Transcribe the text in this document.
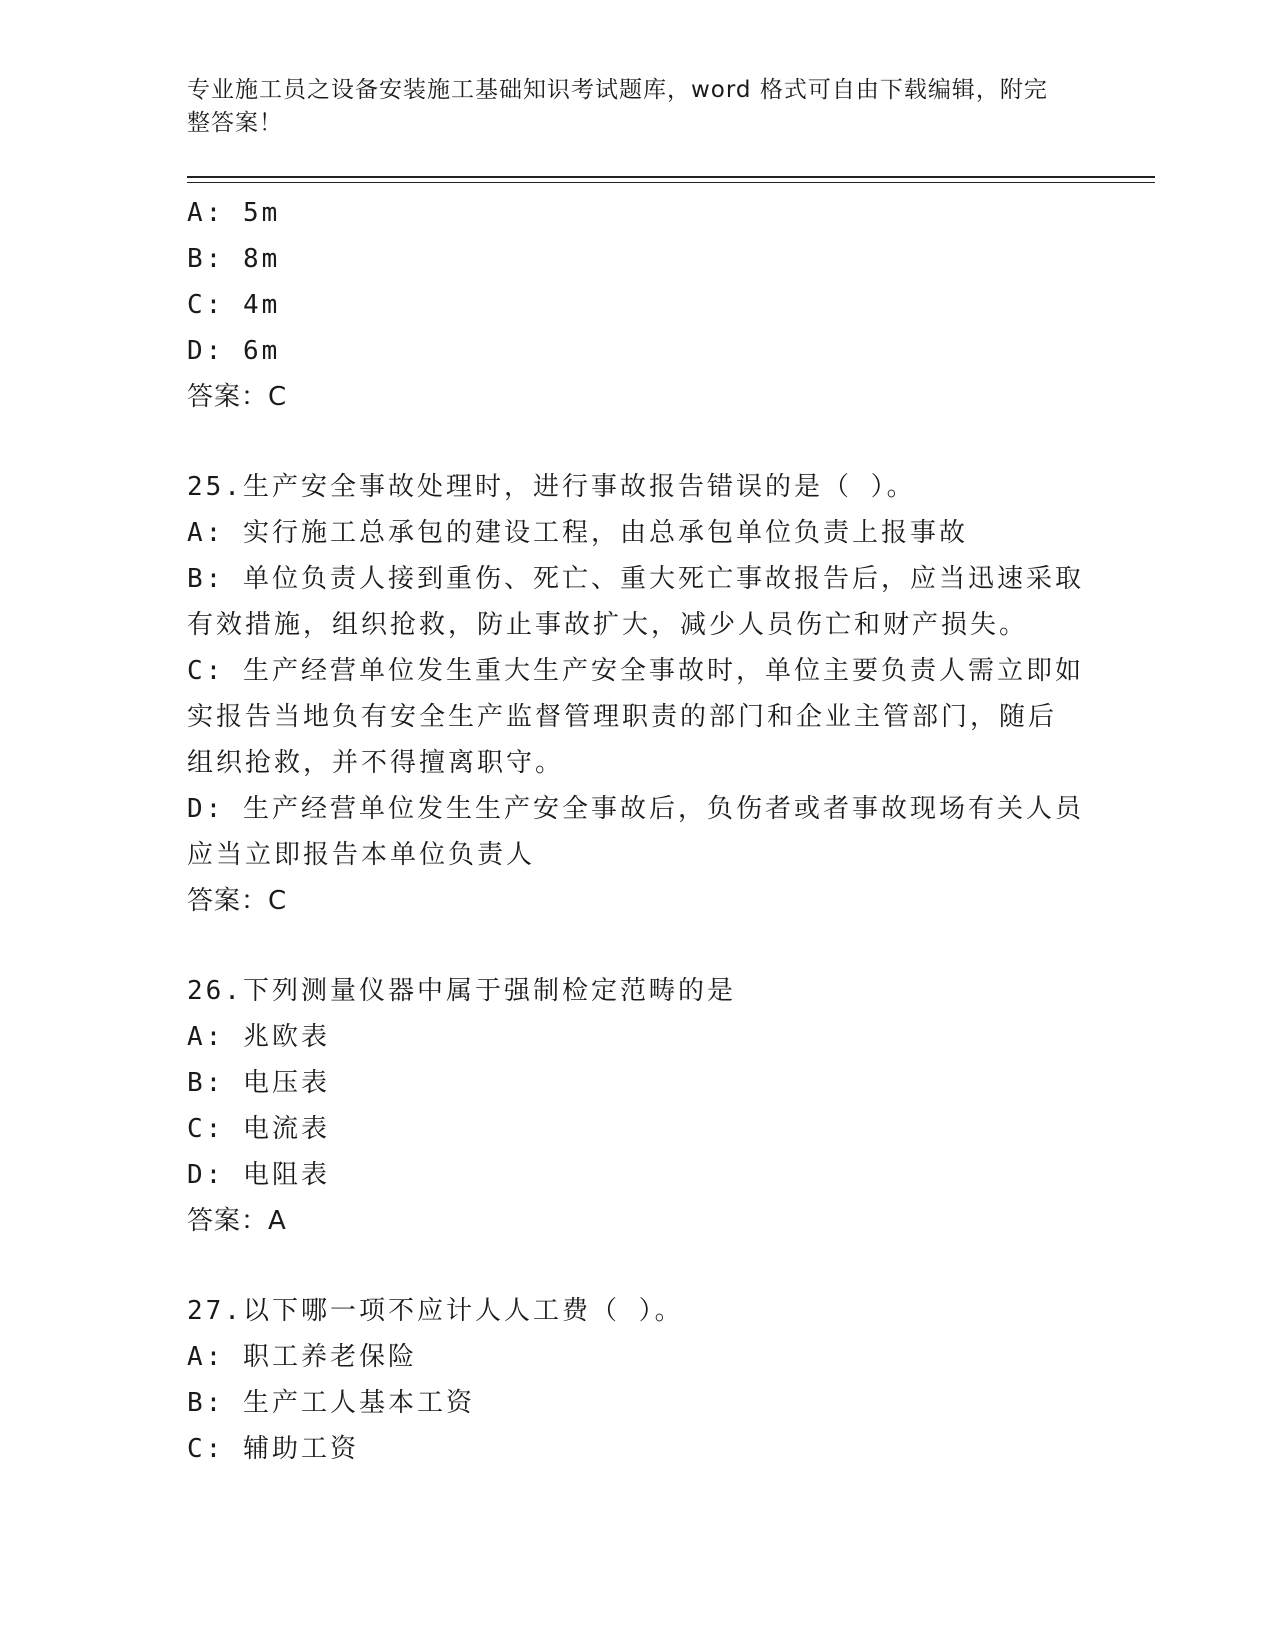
专业施工员之设备安装施工基础知识考试题库，word 格式可自由下载编辑，附完
整答案！
A: 5m
B: 8m
C: 4m
D: 6m
答案：C
25.生产安全事故处理时，进行事故报告错误的是（ ）。
A: 实行施工总承包的建设工程，由总承包单位负责上报事故
B: 单位负责人接到重伤、死亡、重大死亡事故报告后，应当迅速采取
有效措施，组织抢救，防止事故扩大，减少人员伤亡和财产损失。
C: 生产经营单位发生重大生产安全事故时，单位主要负责人需立即如
实报告当地负有安全生产监督管理职责的部门和企业主管部门，随后
组织抢救，并不得擅离职守。
D: 生产经营单位发生生产安全事故后，负伤者或者事故现场有关人员
应当立即报告本单位负责人
答案：C
26.下列测量仪器中属于强制检定范畴的是
A: 兆欧表
B: 电压表
C: 电流表
D: 电阻表
答案：A
27.以下哪一项不应计人人工费（ ）。
A: 职工养老保险
B: 生产工人基本工资
C: 辅助工资
